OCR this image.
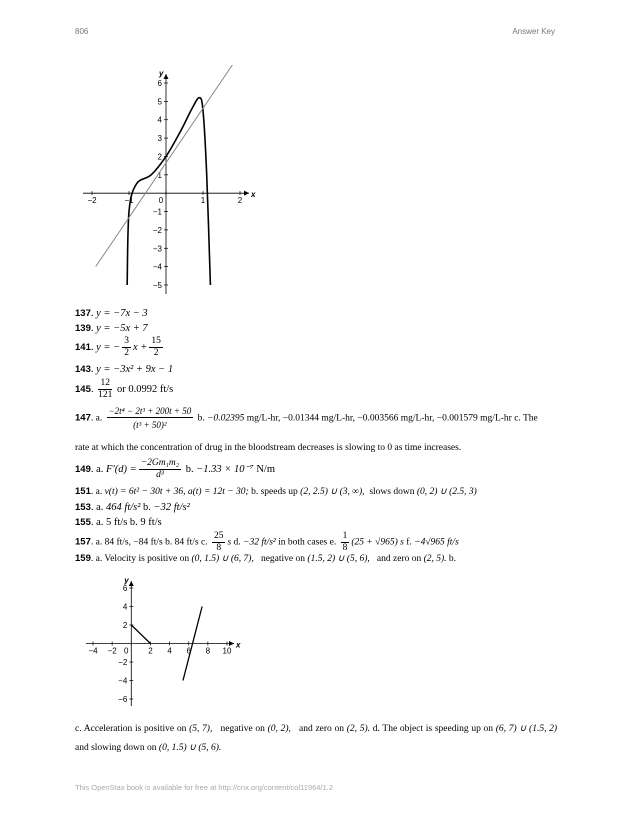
806	Answer Key
x
y
−2	−1	0	1	2
−5
−4
−3
−2
−1
1
2
3
4
5
6
137. y = −7x − 3
139. y = −5x + 7
141. y = − $\frac{3}{2}$ $x + \frac{15}{2}$
143. y = −3x² + 9x − 1
145. $\frac{12}{121}$ or 0.0992 ft/s
147. a. $\frac{\text{−2t⁴ − 2t³ + 200t + 50}}{\text{(t³ + 50)²}} b$. −0.02395 mg/L-hr, −0.01344 mg/L-hr, −0.003566 mg/L-hr, −0.001579 mg/L-hr c. The
rate at which the concentration of drug in the bloodstream decreases is slowing to 0 as time increases.
149. a. $F'(d) = \frac{\text{−2Gm₁m₂}}{\text{d³}} b$. −1.33 × 10⁻⁷ N/m
151. a. v(t) = 6t² − 30t + 36, a(t) = 12t − 30; b. speeds up (2, 2.5) ∪ (3, ∞), slows down (0, 2) ∪ (2.5, 3)
153. a. 464 ft/s² b. −32 ft/s²
155. a. 5 ft/s b. 9 ft/s
157. a. 84 ft/s, −84 ft/s b. 84 ft/s c. $\frac{25}{8}$ s d. −32 ft/s² in both cases e. $\frac{1}{8} (25 + √965)$ s f. −4√965 ft/s
159. a. Velocity is positive on (0, 1.5) ∪ (6, 7), negative on (1.5, 2) ∪ (5, 6), and zero on (2, 5). b.
x
y
−4 −2 0 2 4 6 8 10
−6
−4
−2
2
4
6
c. Acceleration is positive on (5, 7), negative on (0, 2), and zero on (2, 5). d. The object is speeding up on (6, 7) ∪ (1.5, 2) and slowing down on (0, 1.5) ∪ (5, 6).
This OpenStax book is available for free at http://cnx.org/content/col11964/1.2
